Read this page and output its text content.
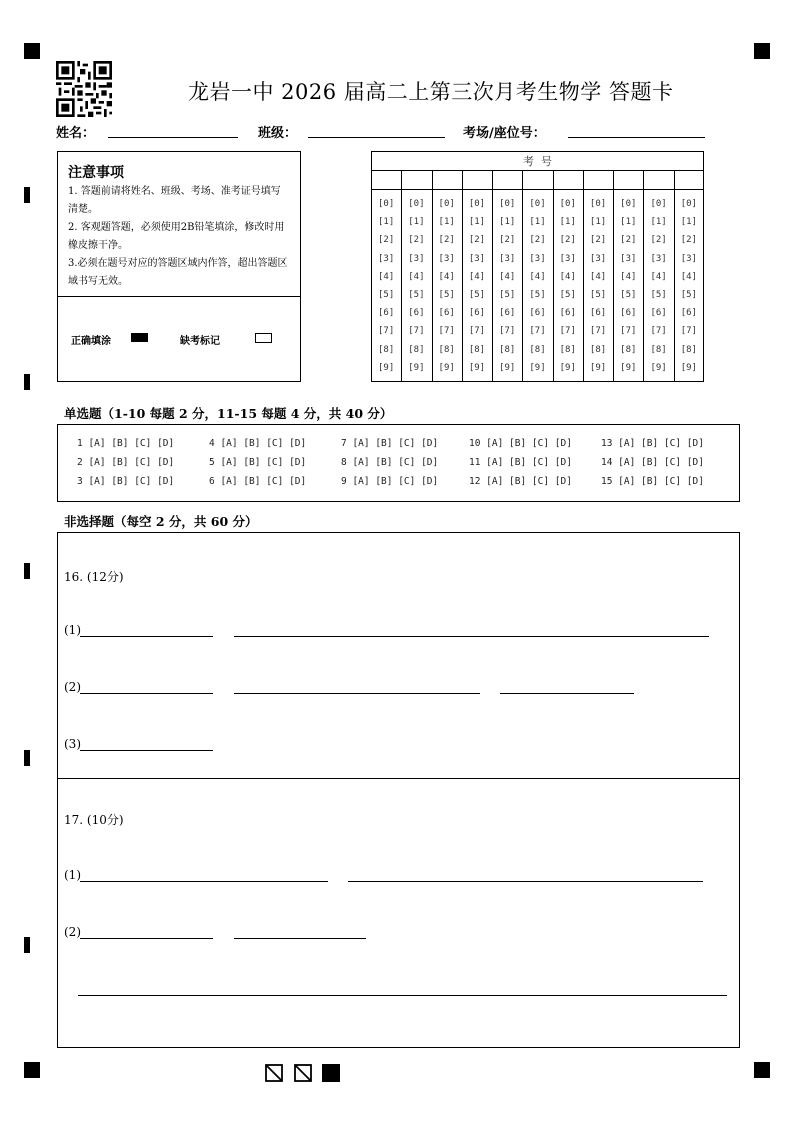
龙岩一中 2026 届高二上第三次月考生物学 答题卡
姓名：	班级：	考场/座位号：
注意事项
1. 答题前请将姓名、班级、考场、准考证号填写清楚。
2. 客观题答题，必须使用2B铅笔填涂，修改时用橡皮擦干净。
3.必须在题号对应的答题区域内作答，超出答题区域书写无效。
正确填涂	缺考标记
考  号
[0]	[0]	[0]	[0]	[0]	[0]	[0]	[0]	[0]	[0]	[0]
[1]	[1]	[1]	[1]	[1]	[1]	[1]	[1]	[1]	[1]	[1]
[2]	[2]	[2]	[2]	[2]	[2]	[2]	[2]	[2]	[2]	[2]
[3]	[3]	[3]	[3]	[3]	[3]	[3]	[3]	[3]	[3]	[3]
[4]	[4]	[4]	[4]	[4]	[4]	[4]	[4]	[4]	[4]	[4]
[5]	[5]	[5]	[5]	[5]	[5]	[5]	[5]	[5]	[5]	[5]
[6]	[6]	[6]	[6]	[6]	[6]	[6]	[6]	[6]	[6]	[6]
[7]	[7]	[7]	[7]	[7]	[7]	[7]	[7]	[7]	[7]	[7]
[8]	[8]	[8]	[8]	[8]	[8]	[8]	[8]	[8]	[8]	[8]
[9]	[9]	[9]	[9]	[9]	[9]	[9]	[9]	[9]	[9]	[9]
单选题（1-10 每题 2 分，11-15 每题 4 分，共 40 分）
1 [A] [B] [C] [D]	4 [A] [B] [C] [D]	7 [A] [B] [C] [D]	10 [A] [B] [C] [D]	13 [A] [B] [C] [D]
2 [A] [B] [C] [D]	5 [A] [B] [C] [D]	8 [A] [B] [C] [D]	11 [A] [B] [C] [D]	14 [A] [B] [C] [D]
3 [A] [B] [C] [D]	6 [A] [B] [C] [D]	9 [A] [B] [C] [D]	12 [A] [B] [C] [D]	15 [A] [B] [C] [D]
非选择题（每空 2 分，共 60 分）
16. (12分)
(1)
(2)
(3)
17. (10分)
(1)
(2)
